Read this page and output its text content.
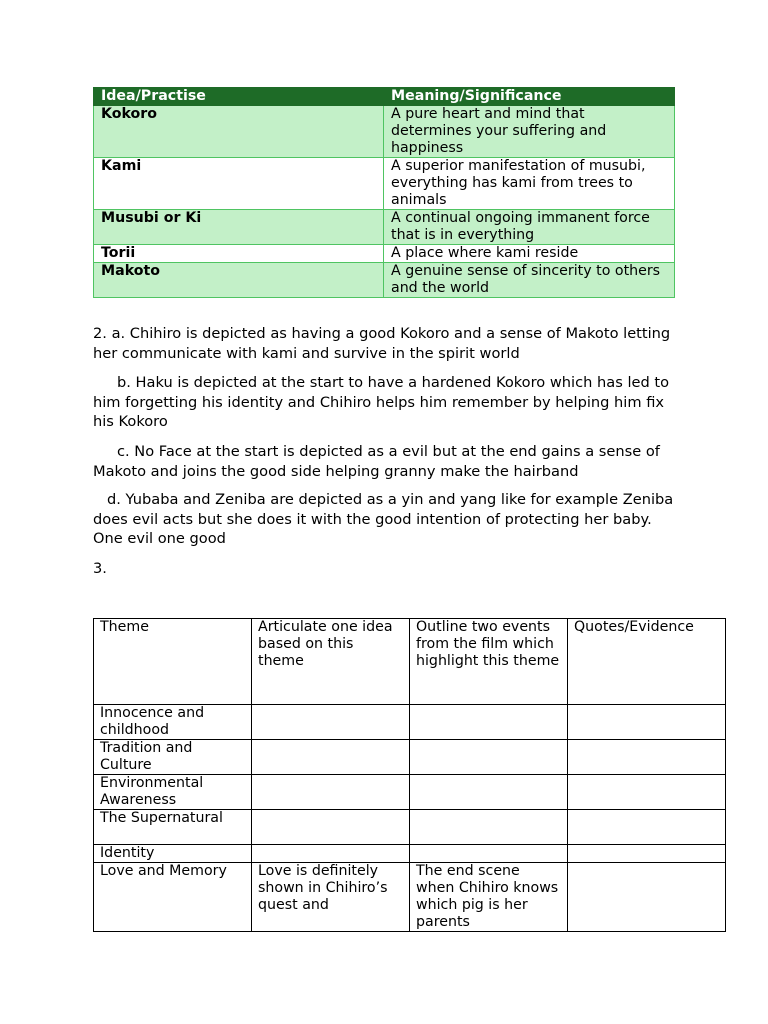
Idea/Practise	Meaning/Significance
Kokoro	A pure heart and mind that determines your suffering and happiness
Kami	A superior manifestation of musubi, everything has kami from trees to animals
Musubi or Ki	A continual ongoing immanent force that is in everything
Torii	A place where kami reside
Makoto	A genuine sense of sincerity to others and the world

2. a. Chihiro is depicted as having a good Kokoro and a sense of Makoto letting her communicate with kami and survive in the spirit world

b. Haku is depicted at the start to have a hardened Kokoro which has led to him forgetting his identity and Chihiro helps him remember by helping him fix his Kokoro

c. No Face at the start is depicted as a evil but at the end gains a sense of Makoto and joins the good side helping granny make the hairband

d. Yubaba and Zeniba are depicted as a yin and yang like for example Zeniba does evil acts but she does it with the good intention of protecting her baby. One evil one good

3.

Theme	Articulate one idea based on this theme	Outline two events from the film which highlight this theme	Quotes/Evidence
Innocence and childhood			
Tradition and Culture			
Environmental Awareness			
The Supernatural			
Identity			
Love and Memory	Love is definitely shown in Chihiro’s quest and	The end scene when Chihiro knows which pig is her parents	
